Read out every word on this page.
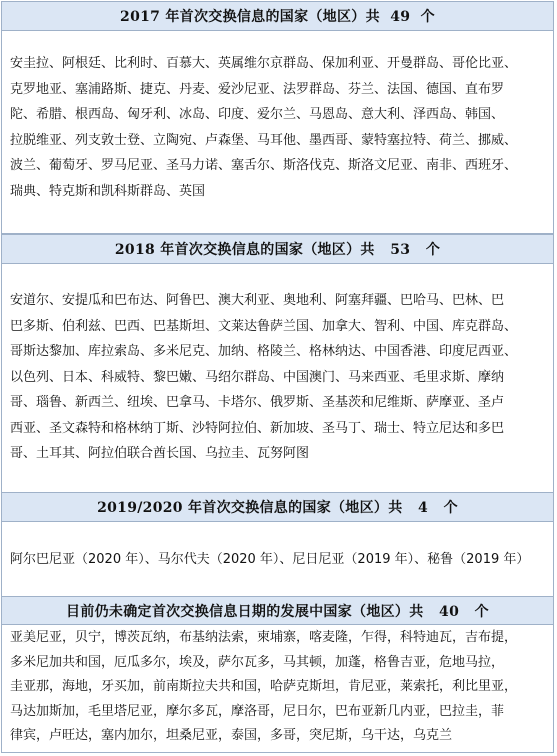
2017 年首次交换信息的国家（地区）共  49  个
安圭拉、阿根廷、比利时、百慕大、英属维尔京群岛、保加利亚、开曼群岛、哥伦比亚、
克罗地亚、塞浦路斯、捷克、丹麦、爱沙尼亚、法罗群岛、芬兰、法国、德国、直布罗
陀、希腊、根西岛、匈牙利、冰岛、印度、爱尔兰、马恩岛、意大利、泽西岛、韩国、
拉脱维亚、列支敦士登、立陶宛、卢森堡、马耳他、墨西哥、蒙特塞拉特、荷兰、挪威、
波兰、葡萄牙、罗马尼亚、圣马力诺、塞舌尔、斯洛伐克、斯洛文尼亚、南非、西班牙、
瑞典、特克斯和凯科斯群岛、英国
2018 年首次交换信息的国家（地区）共   53   个
安道尔、安提瓜和巴布达、阿鲁巴、澳大利亚、奥地利、阿塞拜疆、巴哈马、巴林、巴
巴多斯、伯利兹、巴西、巴基斯坦、文莱达鲁萨兰国、加拿大、智利、中国、库克群岛、
哥斯达黎加、库拉索岛、多米尼克、加纳、格陵兰、格林纳达、中国香港、印度尼西亚、
以色列、日本、科威特、黎巴嫩、马绍尔群岛、中国澳门、马来西亚、毛里求斯、摩纳
哥、瑙鲁、新西兰、纽埃、巴拿马、卡塔尔、俄罗斯、圣基茨和尼维斯、萨摩亚、圣卢
西亚、圣文森特和格林纳丁斯、沙特阿拉伯、新加坡、圣马丁、瑞士、特立尼达和多巴
哥、土耳其、阿拉伯联合酋长国、乌拉圭、瓦努阿图
2019/2020 年首次交换信息的国家（地区）共   4   个
阿尔巴尼亚（2020 年）、马尔代夫（2020 年）、尼日尼亚（2019 年）、秘鲁（2019 年）
目前仍未确定首次交换信息日期的发展中国家（地区）共   40   个
亚美尼亚，贝宁，博茨瓦纳，布基纳法索，柬埔寨，喀麦隆，乍得，科特迪瓦，吉布提，
多米尼加共和国，厄瓜多尔，埃及，萨尔瓦多，马其顿，加蓬，格鲁吉亚，危地马拉，
圭亚那，海地，牙买加，前南斯拉夫共和国，哈萨克斯坦，肯尼亚，莱索托，利比里亚，
马达加斯加，毛里塔尼亚，摩尔多瓦，摩洛哥，尼日尔，巴布亚新几内亚，巴拉圭，菲
律宾，卢旺达，塞内加尔，坦桑尼亚，泰国，多哥，突尼斯，乌干达，乌克兰
